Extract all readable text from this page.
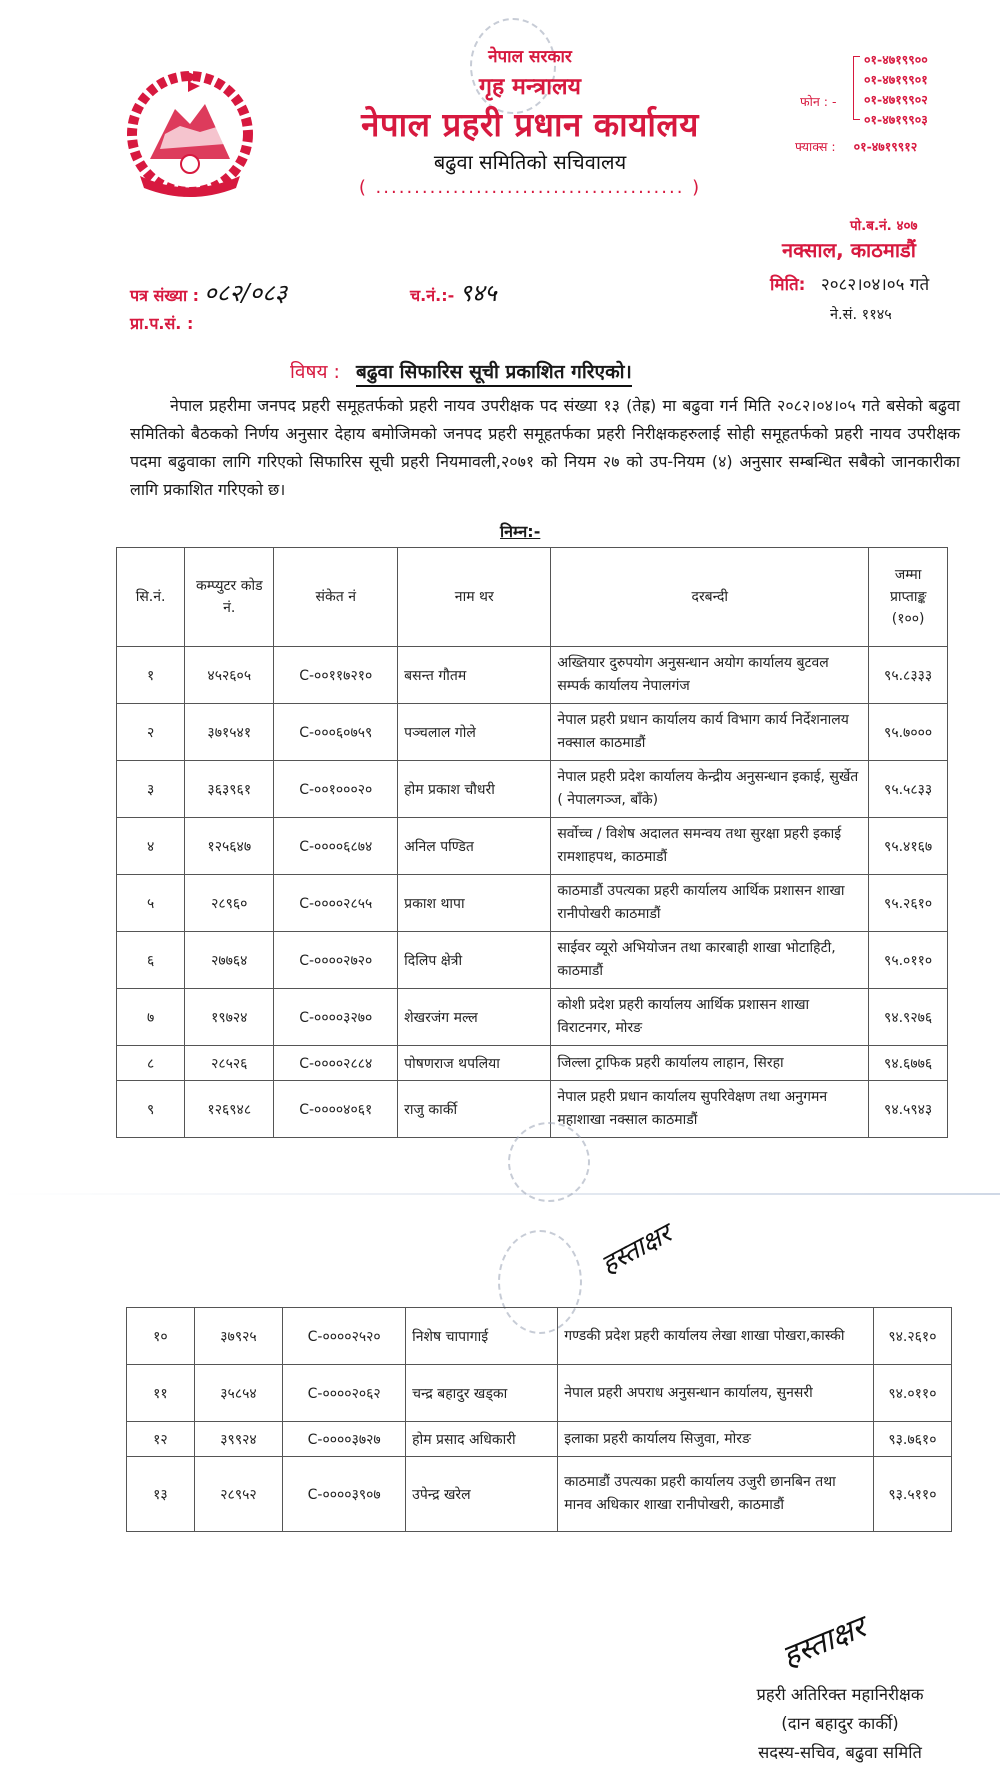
नेपाल सरकार
गृह मन्त्रालय
नेपाल प्रहरी प्रधान कार्यालय
बढुवा समितिको सचिवालय
( ........................................ )
फोन : -
०१-४७१९९००
०१-४७१९९०१
०१-४७१९९०२
०१-४७१९९०३
फ्याक्स : ०१-४७१९९१२
पो.ब.नं. ४०७
नक्साल, काठमाडौं
मिति: २०८२।०४।०५ गते
ने.सं. ११४५
पत्र संख्या : ०८२/०८३	च.नं.:- ९४५
प्रा.प.सं. :
विषय : बढुवा सिफारिस सूची प्रकाशित गरिएको।
नेपाल प्रहरीमा जनपद प्रहरी समूहतर्फको प्रहरी नायव उपरीक्षक पद संख्या १३ (तेह्र) मा बढुवा गर्न मिति २०८२।०४।०५ गते बसेको बढुवा समितिको बैठकको निर्णय अनुसार देहाय बमोजिमको जनपद प्रहरी समूहतर्फका प्रहरी निरीक्षकहरुलाई सोही समूहतर्फको प्रहरी नायव उपरीक्षक पदमा बढुवाका लागि गरिएको सिफारिस सूची प्रहरी नियमावली,२०७१ को नियम २७ को उप-नियम (४) अनुसार सम्बन्धित सबैको जानकारीका लागि प्रकाशित गरिएको छ।
निम्न:-
सि.नं.	कम्प्युटर कोड नं.	संकेत नं	नाम थर	दरबन्दी	जम्मा प्राप्ताङ्क (१००)
१	४५२६०५	C-००११७२१०	बसन्त गौतम	अख्तियार दुरुपयोग अनुसन्धान अयोग कार्यालय बुटवल सम्पर्क कार्यालय नेपालगंज	९५.८३३३
२	३७१५४१	C-०००६०७५९	पञ्चलाल गोले	नेपाल प्रहरी प्रधान कार्यालय कार्य विभाग कार्य निर्देशनालय नक्साल काठमाडौं	९५.७०००
३	३६३९६१	C-००१०००२०	होम प्रकाश चौधरी	नेपाल प्रहरी प्रदेश कार्यालय केन्द्रीय अनुसन्धान इकाई, सुर्खेत ( नेपालगञ्ज, बाँके)	९५.५८३३
४	१२५६४७	C-००००६८७४	अनिल पण्डित	सर्वोच्च / विशेष अदालत समन्वय तथा सुरक्षा प्रहरी इकाई रामशाहपथ, काठमाडौं	९५.४१६७
५	२८९६०	C-००००२८५५	प्रकाश थापा	काठमाडौं उपत्यका प्रहरी कार्यालय आर्थिक प्रशासन शाखा रानीपोखरी काठमाडौं	९५.२६१०
६	२७७६४	C-००००२७२०	दिलिप क्षेत्री	साईवर व्यूरो अभियोजन तथा कारबाही शाखा भोटाहिटी, काठमाडौं	९५.०११०
७	१९७२४	C-००००३२७०	शेखरजंग मल्ल	कोशी प्रदेश प्रहरी कार्यालय आर्थिक प्रशासन शाखा विराटनगर, मोरङ	९४.९२७६
८	२८५२६	C-००००२८८४	पोषणराज थपलिया	जिल्ला ट्राफिक प्रहरी कार्यालय लाहान, सिरहा	९४.६७७६
९	१२६९४८	C-००००४०६१	राजु कार्की	नेपाल प्रहरी प्रधान कार्यालय सुपरिवेक्षण तथा अनुगमन महाशाखा नक्साल काठमाडौं	९४.५९४३
हस्ताक्षर
१०	३७९२५	C-००००२५२०	निशेष चापागाई	गण्डकी प्रदेश प्रहरी कार्यालय लेखा शाखा पोखरा,कास्की	९४.२६१०
११	३५८५४	C-००००२०६२	चन्द्र बहादुर खड्का	नेपाल प्रहरी अपराध अनुसन्धान कार्यालय, सुनसरी	९४.०११०
१२	३९९२४	C-००००३७२७	होम प्रसाद अधिकारी	इलाका प्रहरी कार्यालय सिजुवा, मोरङ	९३.७६१०
१३	२८९५२	C-००००३९०७	उपेन्द्र खरेल	काठमाडौं उपत्यका प्रहरी कार्यालय उजुरी छानबिन तथा मानव अधिकार शाखा रानीपोखरी, काठमाडौं	९३.५११०
हस्ताक्षर
प्रहरी अतिरिक्त महानिरीक्षक
(दान बहादुर कार्की)
सदस्य-सचिव, बढुवा समिति
